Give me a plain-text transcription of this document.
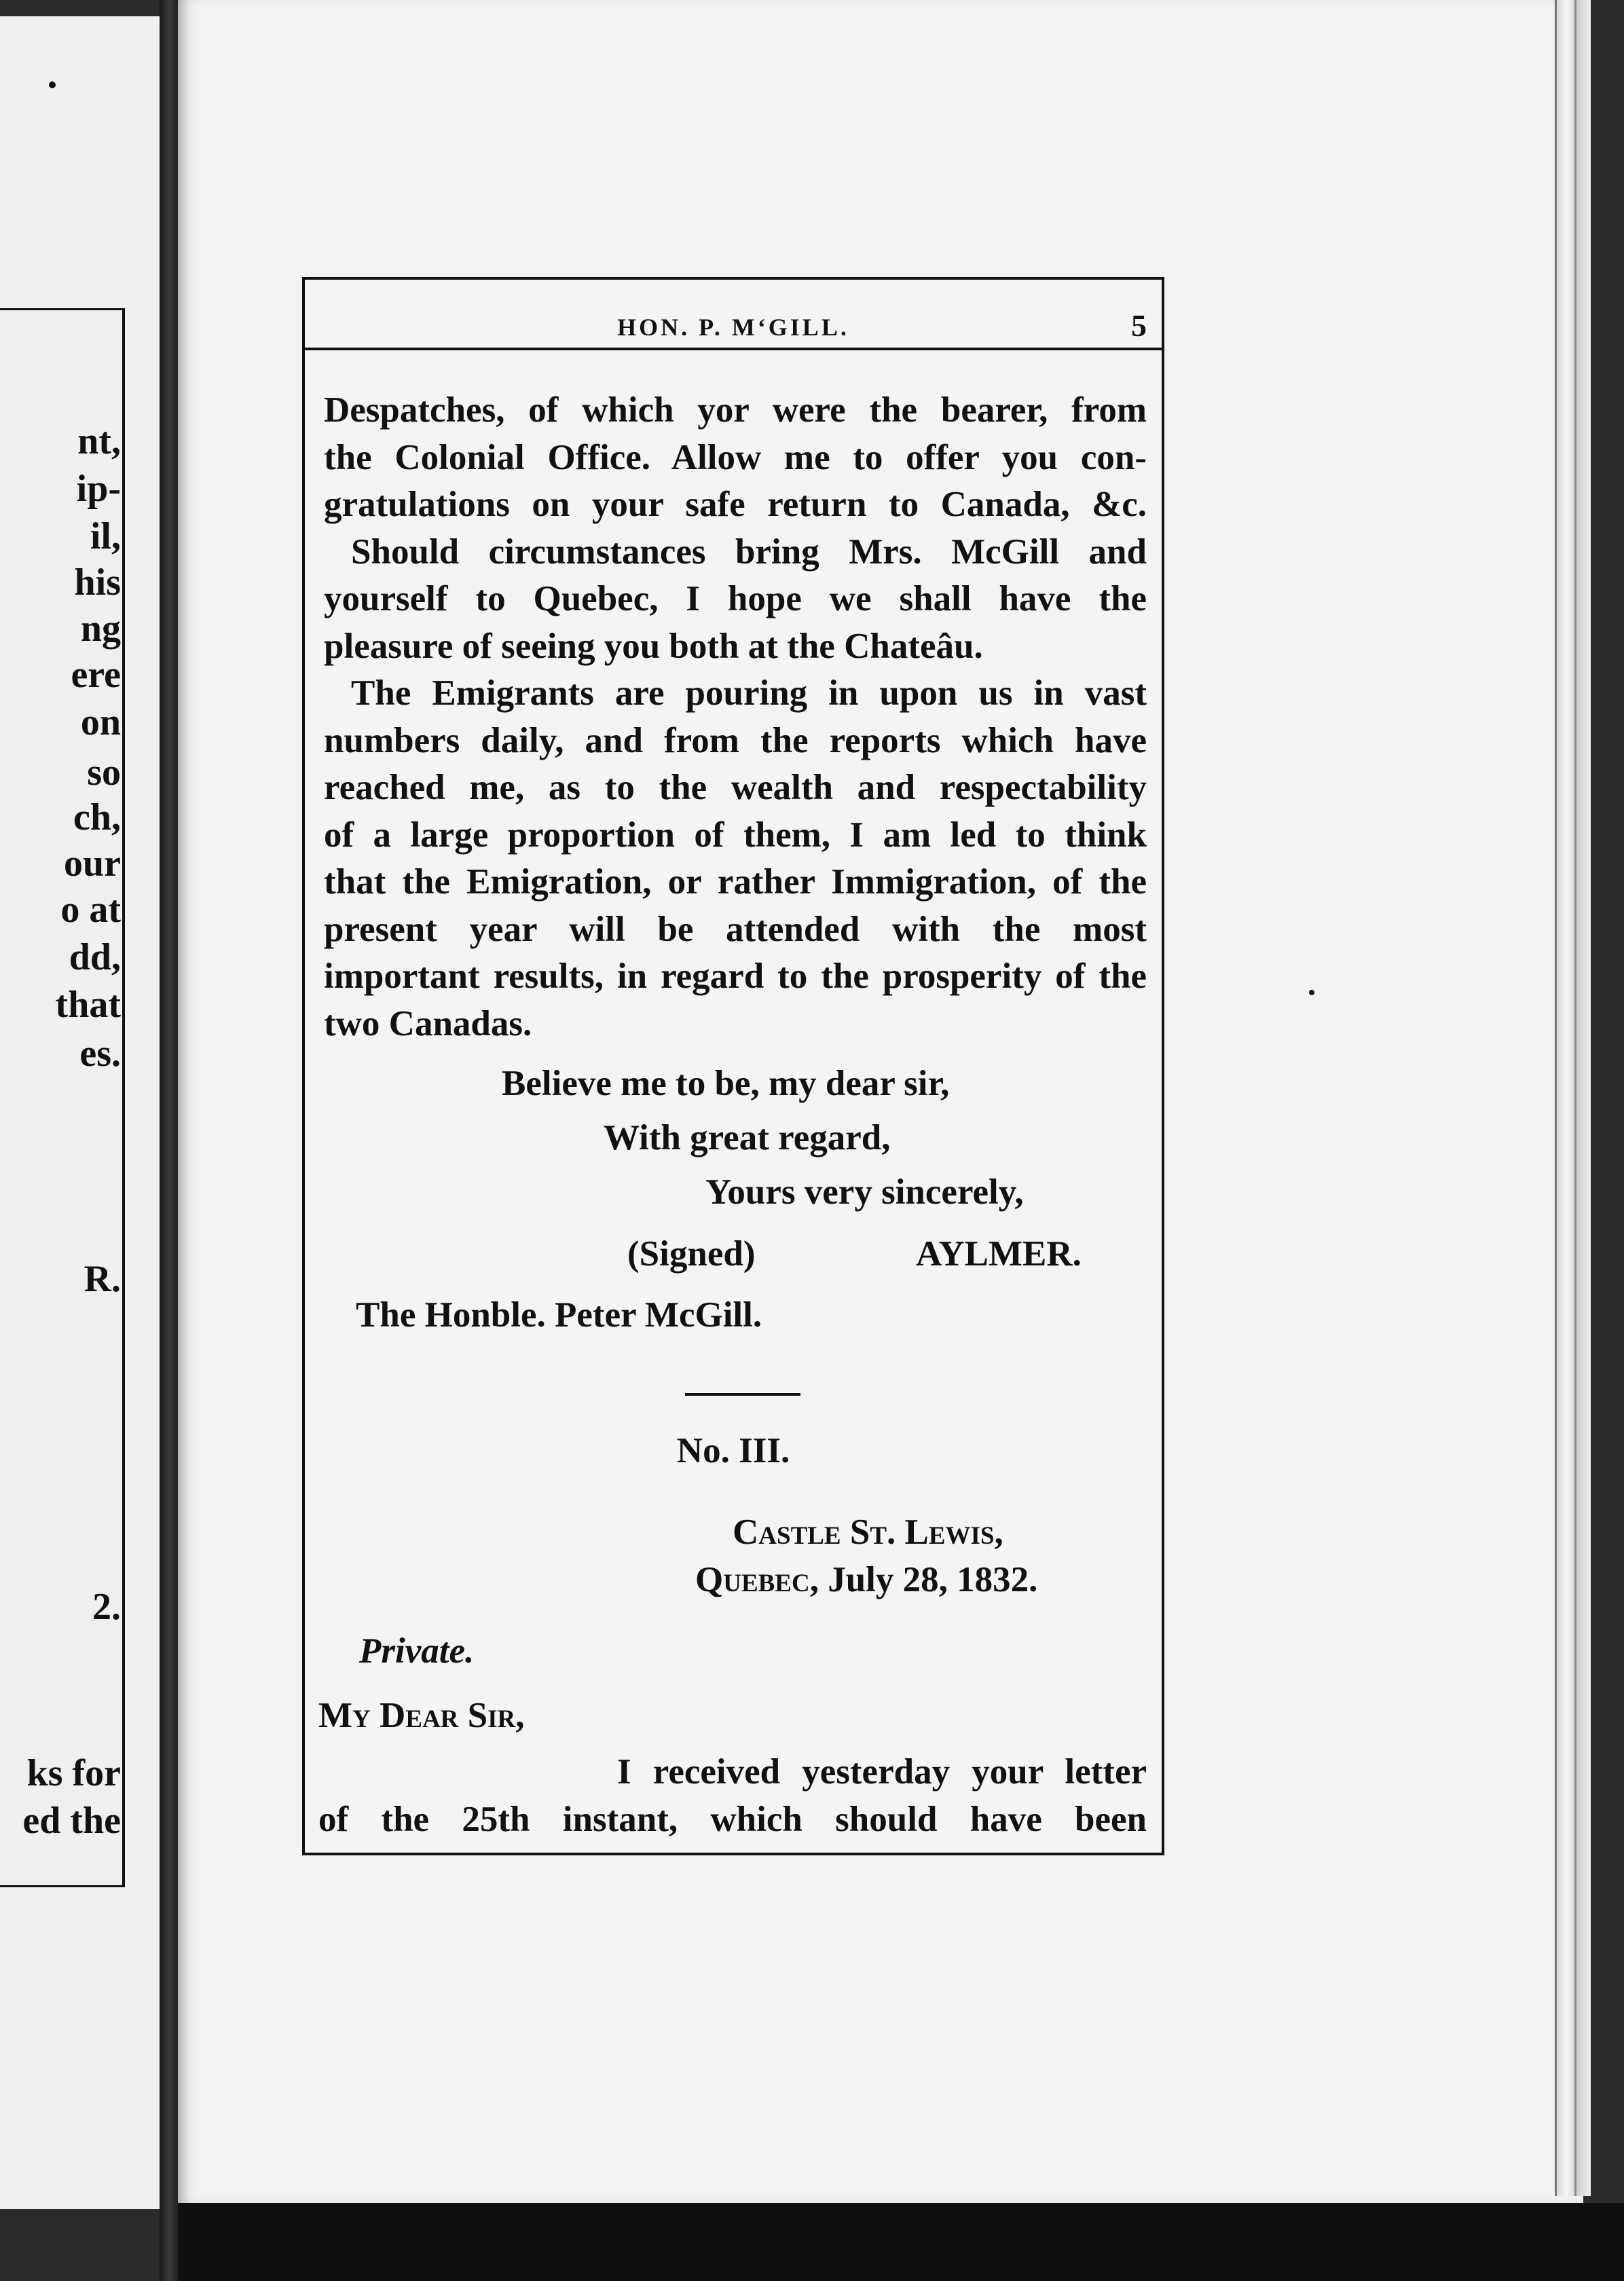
nt,
ip-
il,
his
ng
ere
on
so
ch,
our
o at
dd,
that
es.
R.
2.
ks for
ed the
HON. P. M‘GILL.	5
Despatches, of which yor were the bearer, from
the Colonial Office. Allow me to offer you con-
gratulations on your safe return to Canada, &c.
Should circumstances bring Mrs. McGill and
yourself to Quebec, I hope we shall have the
pleasure of seeing you both at the Chateâu.
The Emigrants are pouring in upon us in vast
numbers daily, and from the reports which have
reached me, as to the wealth and respectability
of a large proportion of them, I am led to think
that the Emigration, or rather Immigration, of the
present year will be attended with the most
important results, in regard to the prosperity of the
two Canadas.
Believe me to be, my dear sir,
With great regard,
Yours very sincerely,
(Signed)	AYLMER.
The Honble. Peter McGill.
No. III.
Castle St. Lewis,
Quebec, July 28, 1832.
Private.
My Dear Sir,
I received yesterday your letter
of the 25th instant, which should have been
